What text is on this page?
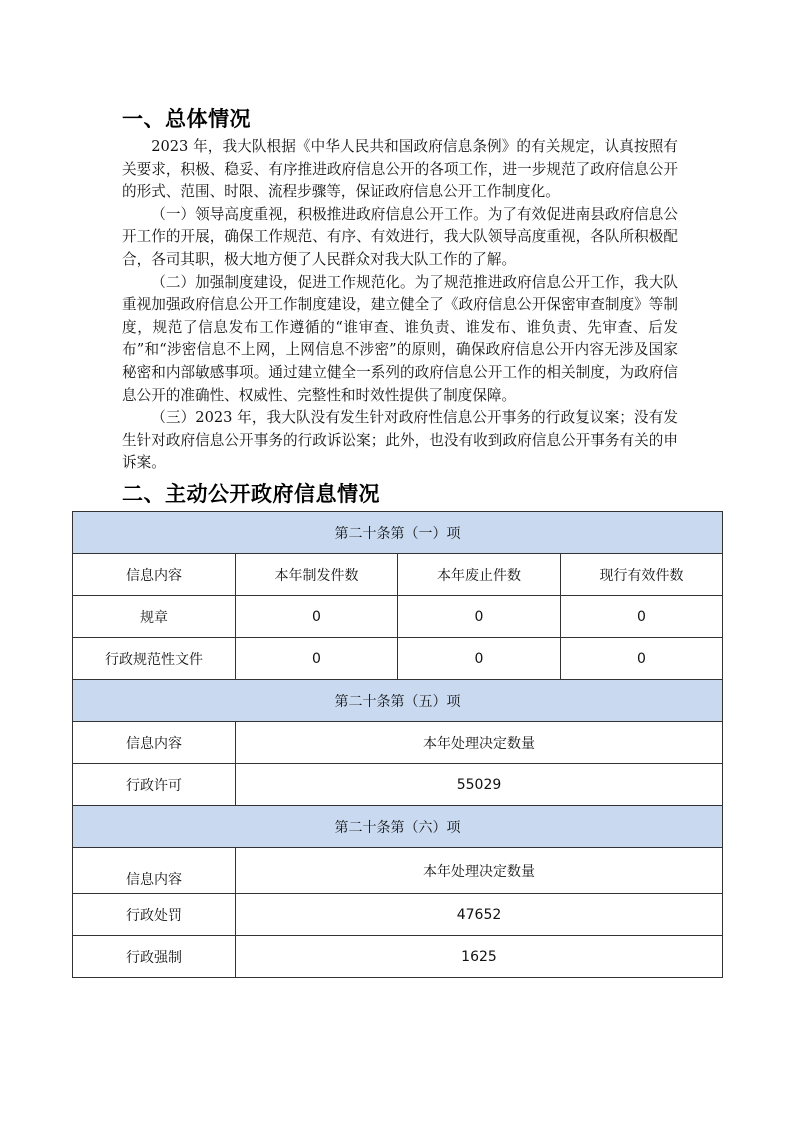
一、总体情况

2023 年，我大队根据《中华人民共和国政府信息条例》的有关规定，认真按照有关要求，积极、稳妥、有序推进政府信息公开的各项工作，进一步规范了政府信息公开的形式、范围、时限、流程步骤等，保证政府信息公开工作制度化。

（一）领导高度重视，积极推进政府信息公开工作。为了有效促进南县政府信息公开工作的开展，确保工作规范、有序、有效进行，我大队领导高度重视，各队所积极配合，各司其职，极大地方便了人民群众对我大队工作的了解。

（二）加强制度建设，促进工作规范化。为了规范推进政府信息公开工作，我大队重视加强政府信息公开工作制度建设，建立健全了《政府信息公开保密审查制度》等制度，规范了信息发布工作遵循的“谁审查、谁负责、谁发布、谁负责、先审查、后发布”和“涉密信息不上网，上网信息不涉密”的原则，确保政府信息公开内容无涉及国家秘密和内部敏感事项。通过建立健全一系列的政府信息公开工作的相关制度，为政府信息公开的准确性、权威性、完整性和时效性提供了制度保障。

（三）2023 年，我大队没有发生针对政府性信息公开事务的行政复议案；没有发生针对政府信息公开事务的行政诉讼案；此外，也没有收到政府信息公开事务有关的申诉案。

二、主动公开政府信息情况
第二十条第（一）项			
信息内容	本年制发件数	本年废止件数	现行有效件数
规章	0	0	0
行政规范性文件	0	0	0
第二十条第（五）项			
信息内容	本年处理决定数量		
行政许可	55029		
第二十条第（六）项			
信息内容	本年处理决定数量		
行政处罚	47652		
行政强制	1625		
